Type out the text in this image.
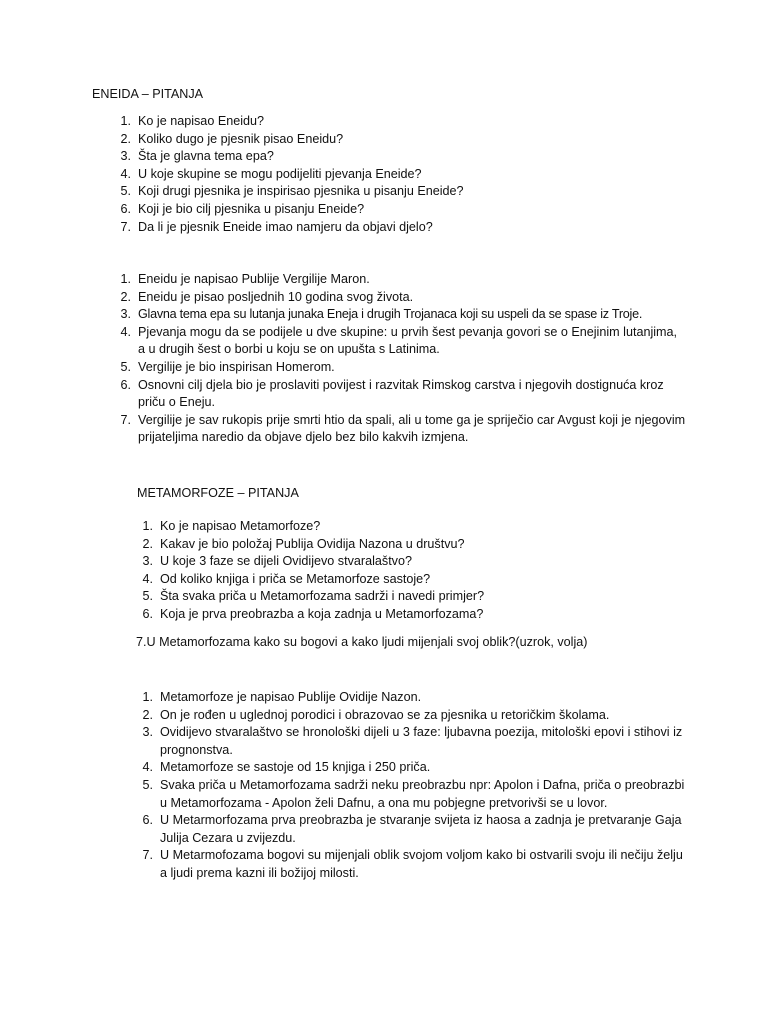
ENEIDA – PITANJA
1. Ko je napisao Eneidu?
2. Koliko dugo je pjesnik pisao Eneidu?
3. Šta je glavna tema epa?
4. U koje skupine se mogu podijeliti pjevanja Eneide?
5. Koji drugi pjesnika je inspirisao pjesnika u pisanju Eneide?
6. Koji je bio cilj pjesnika u pisanju Eneide?
7. Da li je pjesnik Eneide imao namjeru da objavi djelo?
1. Eneidu je napisao Publije Vergilije Maron.
2. Eneidu je pisao posljednih 10 godina svog života.
3. Glavna tema epa su lutanja junaka Eneja i drugih Trojanaca koji su uspeli da se spase iz Troje.
4. Pjevanja mogu da se podijele u dve skupine: u prvih šest pevanja govori se o Enejinim lutanjima, a u drugih šest o borbi u koju se on upušta s Latinima.
5. Vergilije je bio inspirisan Homerom.
6. Osnovni cilj djela bio je proslaviti povijest i razvitak Rimskog carstva i njegovih dostignuća kroz priču o Eneju.
7. Vergilije je sav rukopis prije smrti htio da spali, ali u tome ga je spriječio car Avgust koji je njegovim prijateljima naredio da objave djelo bez bilo kakvih izmjena.
METAMORFOZE – PITANJA
1. Ko je napisao Metamorfoze?
2. Kakav je bio položaj Publija Ovidija Nazona u društvu?
3. U koje 3 faze se dijeli Ovidijevo stvaralaštvo?
4. Od koliko knjiga i priča se Metamorfoze sastoje?
5. Šta svaka priča u Metamorfozama sadrži i navedi primjer?
6. Koja je prva preobrazba a koja zadnja u Metamorfozama?
7.U Metamorfozama kako su bogovi a kako ljudi mijenjali svoj oblik?(uzrok, volja)
1. Metamorfoze je napisao Publije Ovidije Nazon.
2. On je rođen u uglednoj porodici i obrazovao se za pjesnika u retoričkim školama.
3. Ovidijevo stvaralaštvo se hronološki dijeli u 3 faze: ljubavna poezija, mitološki epovi i stihovi iz prognonstva.
4. Metamorfoze se sastoje od 15 knjiga i 250 priča.
5. Svaka priča u Metamorfozama sadrži neku preobrazbu npr: Apolon i Dafna, priča o preobrazbi u Metamorfozama - Apolon želi Dafnu, a ona mu pobjegne pretvorivši se u lovor.
6. U Metarmorfozama prva preobrazba je stvaranje svijeta iz haosa a zadnja je pretvaranje Gaja Julija Cezara u zvijezdu.
7. U Metarmofozama bogovi su mijenjali oblik svojom voljom kako bi ostvarili svoju ili nečiju želju a ljudi prema kazni ili božijoj milosti.
